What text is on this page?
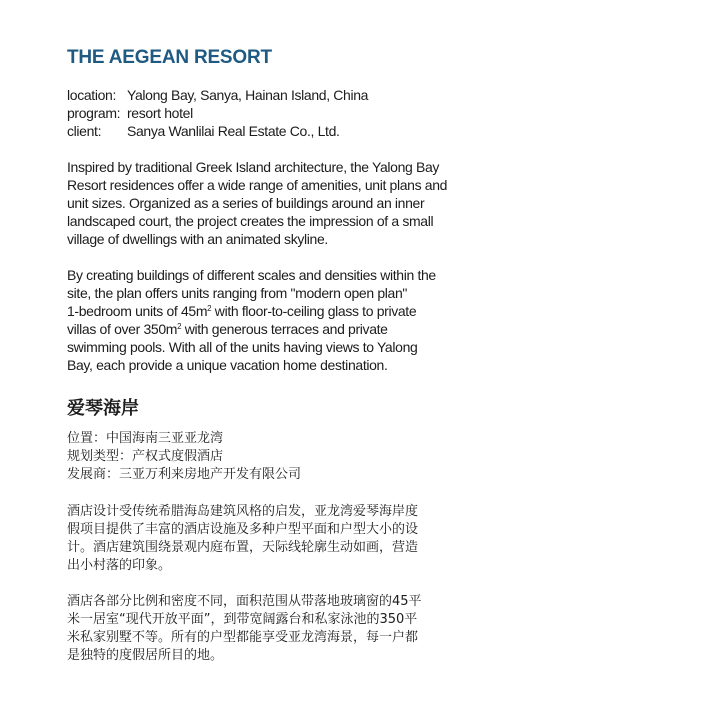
THE AEGEAN RESORT
location: Yalong Bay, Sanya, Hainan Island, China
program: resort hotel
client: Sanya Wanlilai Real Estate Co., Ltd.
Inspired by traditional Greek Island architecture, the Yalong Bay
Resort residences offer a wide range of amenities, unit plans and
unit sizes. Organized as a series of buildings around an inner
landscaped court, the project creates the impression of a small
village of dwellings with an animated skyline.
By creating buildings of different scales and densities within the
site, the plan offers units ranging from "modern open plan"
1-bedroom units of $45m^2$ with floor-to-ceiling glass to private
villas of over $350m^2$ with generous terraces and private
swimming pools. With all of the units having views to Yalong
Bay, each provide a unique vacation home destination.
爱琴海岸
位置：中国海南三亚亚龙湾
规划类型：产权式度假酒店
发展商：三亚万利来房地产开发有限公司
酒店设计受传统希腊海岛建筑风格的启发，亚龙湾爱琴海岸度
假项目提供了丰富的酒店设施及多种户型平面和户型大小的设
计。酒店建筑围绕景观内庭布置，天际线轮廓生动如画，营造
出小村落的印象。
酒店各部分比例和密度不同，面积范围从带落地玻璃窗的45平
米一居室“现代开放平面”，到带宽阔露台和私家泳池的350平
米私家别墅不等。所有的户型都能享受亚龙湾海景，每一户都
是独特的度假居所目的地。
